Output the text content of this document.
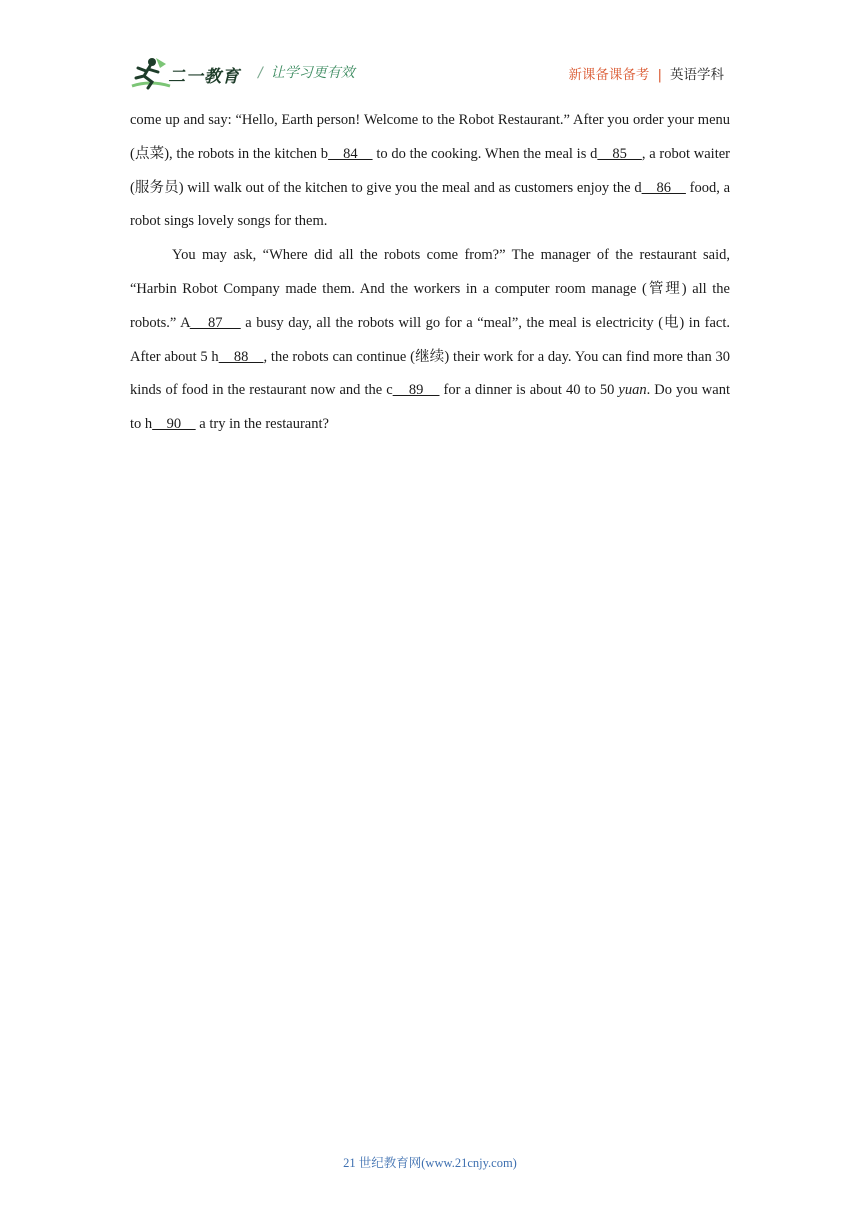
二一教育 / 让学习更有效	新课备课备考 | 英语学科

come up and say: “Hello, Earth person! Welcome to the Robot Restaurant.” After you order your menu (点菜), the robots in the kitchen b    84     to do the cooking. When the meal is d    85    , a robot waiter (服务员) will walk out of the kitchen to give you the meal and as customers enjoy the d    86     food, a robot sings lovely songs for them.

You may ask, “Where did all the robots come from?” The manager of the restaurant said, “Harbin Robot Company made them. And the workers in a computer room manage (管理) all the robots.” A    87     a busy day, all the robots will go for a “meal”, the meal is electricity (电) in fact. After about 5 h    88    , the robots can continue (继续) their work for a day. You can find more than 30 kinds of food in the restaurant now and the c    89     for a dinner is about 40 to 50 yuan. Do you want to h    90     a try in the restaurant?

21 世纪教育网(www.21cnjy.com)
